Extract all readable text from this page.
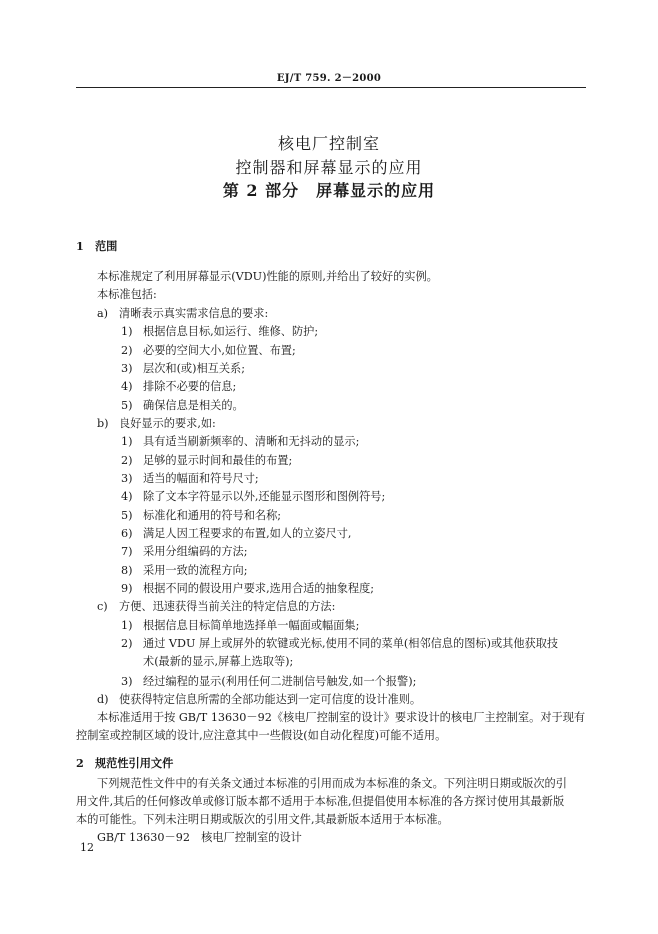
EJ/T 759. 2－2000
核电厂控制室
控制器和屏幕显示的应用
第 2 部分　屏幕显示的应用
1　范围
本标准规定了利用屏幕显示(VDU)性能的原则,并给出了较好的实例。
本标准包括:
a) 清晰表示真实需求信息的要求:
1) 根据信息目标,如运行、维修、防护;
2) 必要的空间大小,如位置、布置;
3) 层次和(或)相互关系;
4) 排除不必要的信息;
5) 确保信息是相关的。
b) 良好显示的要求,如:
1) 具有适当刷新频率的、清晰和无抖动的显示;
2) 足够的显示时间和最佳的布置;
3) 适当的幅面和符号尺寸;
4) 除了文本字符显示以外,还能显示图形和图例符号;
5) 标准化和通用的符号和名称;
6) 满足人因工程要求的布置,如人的立姿尺寸,
7) 采用分组编码的方法;
8) 采用一致的流程方向;
9) 根据不同的假设用户要求,选用合适的抽象程度;
c) 方便、迅速获得当前关注的特定信息的方法:
1) 根据信息目标简单地选择单一幅面或幅面集;
2) 通过 VDU 屏上或屏外的软键或光标,使用不同的菜单(相邻信息的图标)或其他获取技
术(最新的显示,屏幕上选取等);
3) 经过编程的显示(利用任何二进制信号触发,如一个报警);
d) 使获得特定信息所需的全部功能达到一定可信度的设计准则。
本标准适用于按 GB/T 13630－92《核电厂控制室的设计》要求设计的核电厂主控制室。对于现有
控制室或控制区域的设计,应注意其中一些假设(如自动化程度)可能不适用。
2　规范性引用文件
下列规范性文件中的有关条文通过本标准的引用而成为本标准的条文。下列注明日期或版次的引
用文件,其后的任何修改单或修订版本都不适用于本标准,但提倡使用本标准的各方探讨使用其最新版
本的可能性。下列未注明日期或版次的引用文件,其最新版本适用于本标准。
GB/T 13630－92　核电厂控制室的设计
12
